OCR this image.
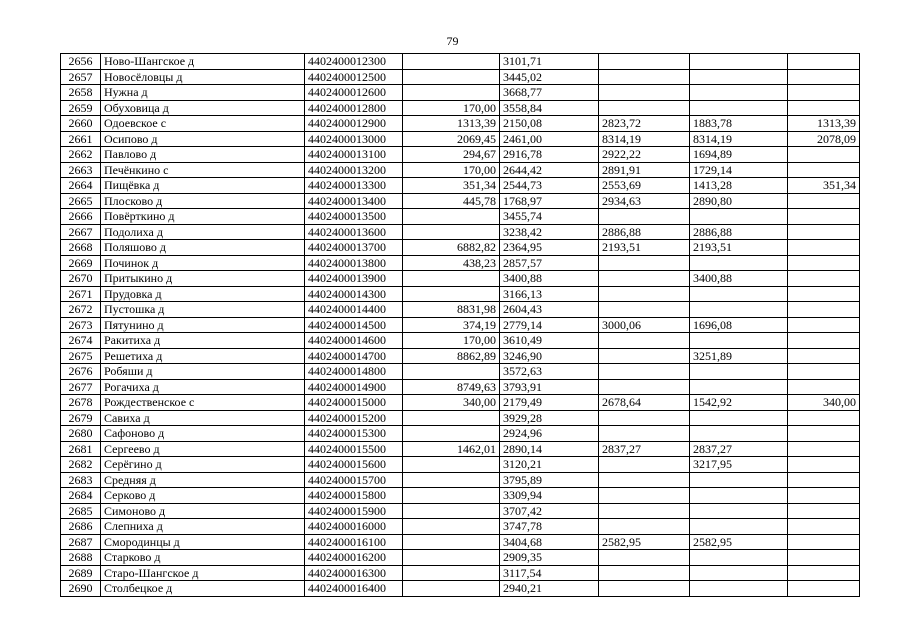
79
2656	Ново-Шангское д	4402400012300		3101,71			
2657	Новосёловцы д	4402400012500		3445,02			
2658	Нужна д	4402400012600		3668,77			
2659	Обуховица д	4402400012800	170,00	3558,84			
2660	Одоевское с	4402400012900	1313,39	2150,08	2823,72	1883,78	1313,39
2661	Осипово д	4402400013000	2069,45	2461,00	8314,19	8314,19	2078,09
2662	Павлово д	4402400013100	294,67	2916,78	2922,22	1694,89	
2663	Печёнкино с	4402400013200	170,00	2644,42	2891,91	1729,14	
2664	Пищёвка д	4402400013300	351,34	2544,73	2553,69	1413,28	351,34
2665	Плосково д	4402400013400	445,78	1768,97	2934,63	2890,80	
2666	Повёрткино д	4402400013500		3455,74			
2667	Подолиха д	4402400013600		3238,42	2886,88	2886,88	
2668	Поляшово д	4402400013700	6882,82	2364,95	2193,51	2193,51	
2669	Починок д	4402400013800	438,23	2857,57			
2670	Притыкино д	4402400013900		3400,88		3400,88	
2671	Прудовка д	4402400014300		3166,13			
2672	Пустошка д	4402400014400	8831,98	2604,43			
2673	Пятунино д	4402400014500	374,19	2779,14	3000,06	1696,08	
2674	Ракитиха д	4402400014600	170,00	3610,49			
2675	Решетиха д	4402400014700	8862,89	3246,90		3251,89	
2676	Робяши д	4402400014800		3572,63			
2677	Рогачиха д	4402400014900	8749,63	3793,91			
2678	Рождественское с	4402400015000	340,00	2179,49	2678,64	1542,92	340,00
2679	Савиха д	4402400015200		3929,28			
2680	Сафоново д	4402400015300		2924,96			
2681	Сергеево д	4402400015500	1462,01	2890,14	2837,27	2837,27	
2682	Серёгино д	4402400015600		3120,21		3217,95	
2683	Средняя д	4402400015700		3795,89			
2684	Серково д	4402400015800		3309,94			
2685	Симоново д	4402400015900		3707,42			
2686	Слепниха д	4402400016000		3747,78			
2687	Смородинцы д	4402400016100		3404,68	2582,95	2582,95	
2688	Старково д	4402400016200		2909,35			
2689	Старо-Шангское д	4402400016300		3117,54			
2690	Столбецкое д	4402400016400		2940,21			
